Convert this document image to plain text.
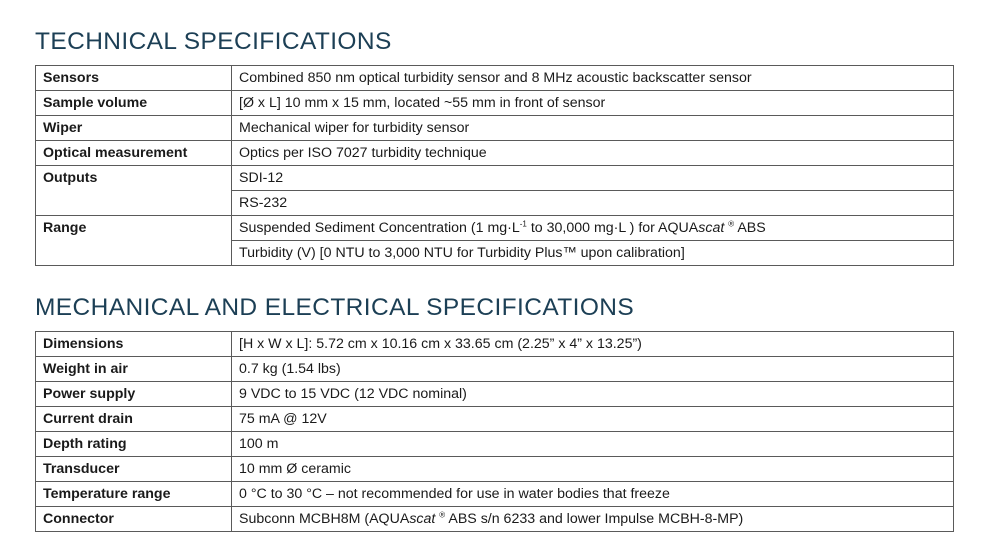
TECHNICAL SPECIFICATIONS
Sensors	Combined 850 nm optical turbidity sensor and 8 MHz acoustic backscatter sensor
Sample volume	[Ø x L] 10 mm x 15 mm, located ~55 mm in front of sensor
Wiper	Mechanical wiper for turbidity sensor
Optical measurement	Optics per ISO 7027 turbidity technique
Outputs	SDI-12
	RS-232
Range	Suspended Sediment Concentration (1 $mg\cdot L^{-1}$ to 30,000 mg·L ) for AQUAscat ® ABS
	Turbidity (V) [0 NTU to 3,000 NTU for Turbidity Plus™ upon calibration]
MECHANICAL AND ELECTRICAL SPECIFICATIONS
Dimensions	[H x W x L]: 5.72 cm x 10.16 cm x 33.65 cm (2.25” x 4” x 13.25”)
Weight in air	0.7 kg (1.54 lbs)
Power supply	9 VDC to 15 VDC (12 VDC nominal)
Current drain	75 mA @ 12V
Depth rating	100 m
Transducer	10 mm Ø ceramic
Temperature range	0 °C to 30 °C – not recommended for use in water bodies that freeze
Connector	Subconn MCBH8M (AQUAscat ® ABS s/n 6233 and lower Impulse MCBH-8-MP)
